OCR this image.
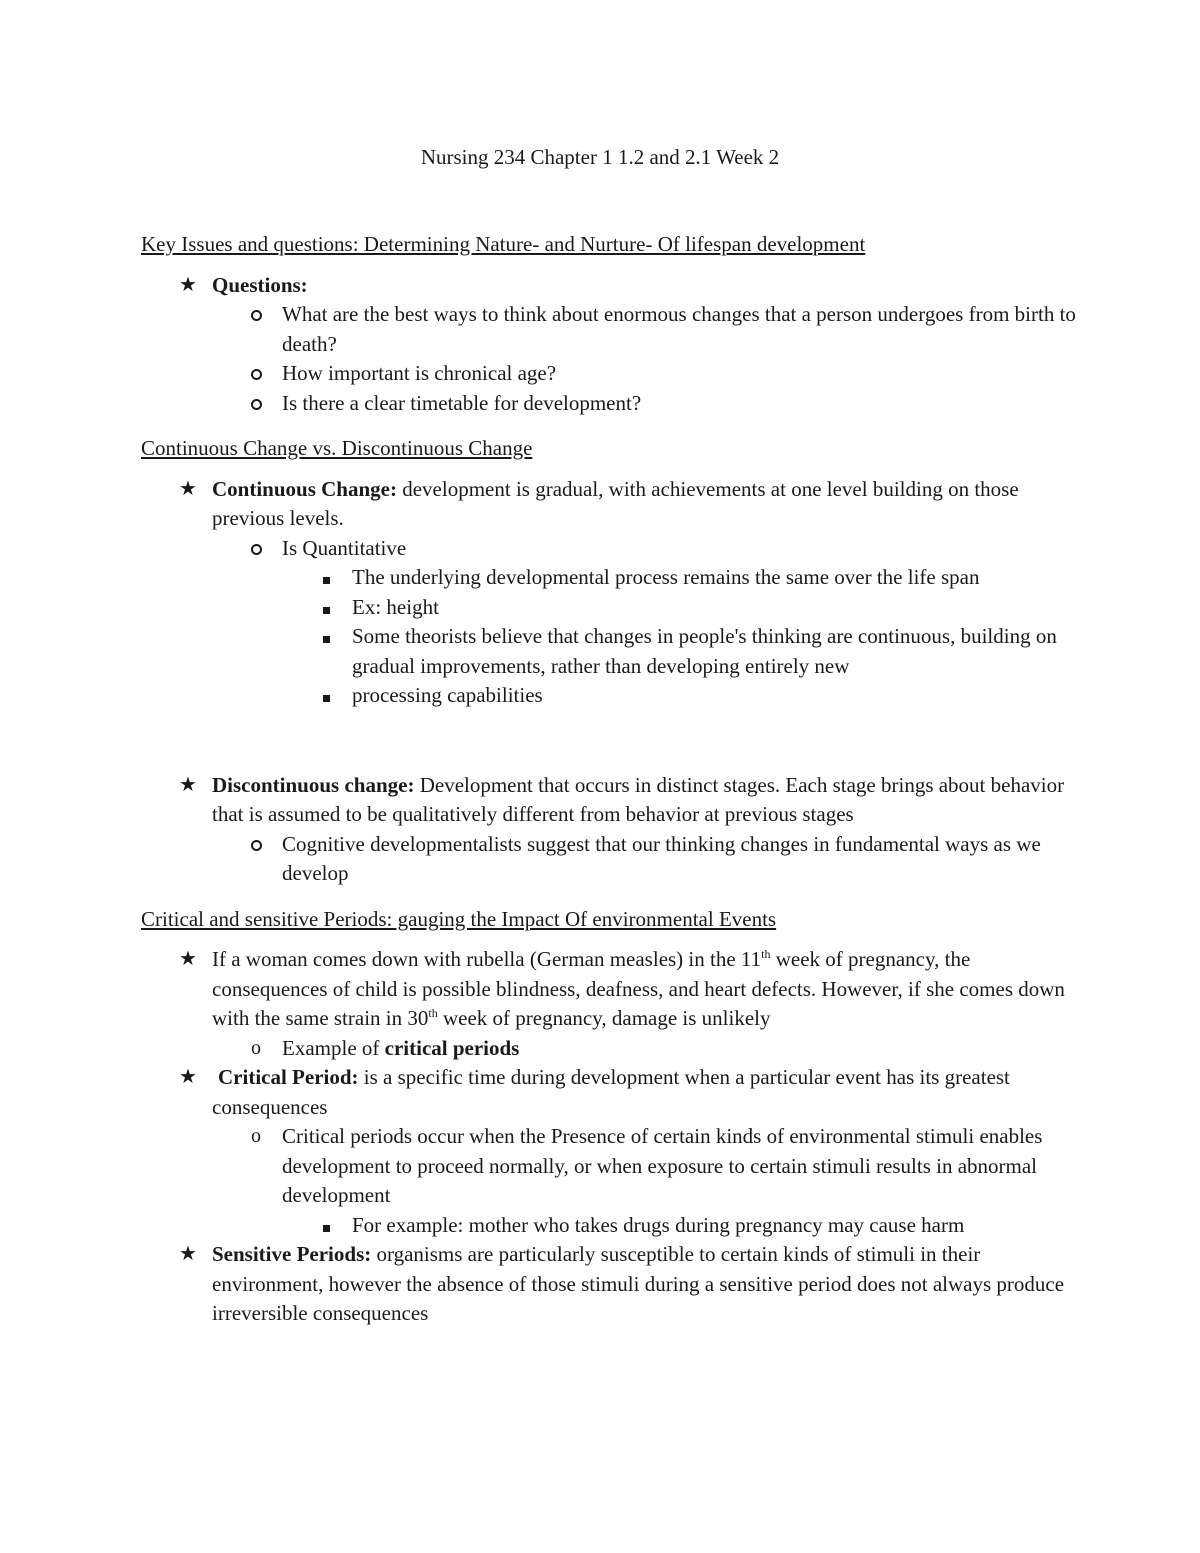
Nursing 234 Chapter 1 1.2 and 2.1 Week 2
Key Issues and questions: Determining Nature- and Nurture- Of lifespan development
★ Questions:
What are the best ways to think about enormous changes that a person undergoes from birth to death?
How important is chronical age?
Is there a clear timetable for development?
Continuous Change vs. Discontinuous Change
★ Continuous Change: development is gradual, with achievements at one level building on those previous levels.
Is Quantitative
The underlying developmental process remains the same over the life span
Ex: height
Some theorists believe that changes in people's thinking are continuous, building on gradual improvements, rather than developing entirely new
processing capabilities
★ Discontinuous change: Development that occurs in distinct stages. Each stage brings about behavior that is assumed to be qualitatively different from behavior at previous stages
Cognitive developmentalists suggest that our thinking changes in fundamental ways as we develop
Critical and sensitive Periods: gauging the Impact Of environmental Events
★ If a woman comes down with rubella (German measles) in the 11th week of pregnancy, the consequences of child is possible blindness, deafness, and heart defects. However, if she comes down with the same strain in 30th week of pregnancy, damage is unlikely
o Example of critical periods
★ Critical Period: is a specific time during development when a particular event has its greatest consequences
o Critical periods occur when the Presence of certain kinds of environmental stimuli enables development to proceed normally, or when exposure to certain stimuli results in abnormal development
For example: mother who takes drugs during pregnancy may cause harm
★ Sensitive Periods: organisms are particularly susceptible to certain kinds of stimuli in their environment, however the absence of those stimuli during a sensitive period does not always produce irreversible consequences
